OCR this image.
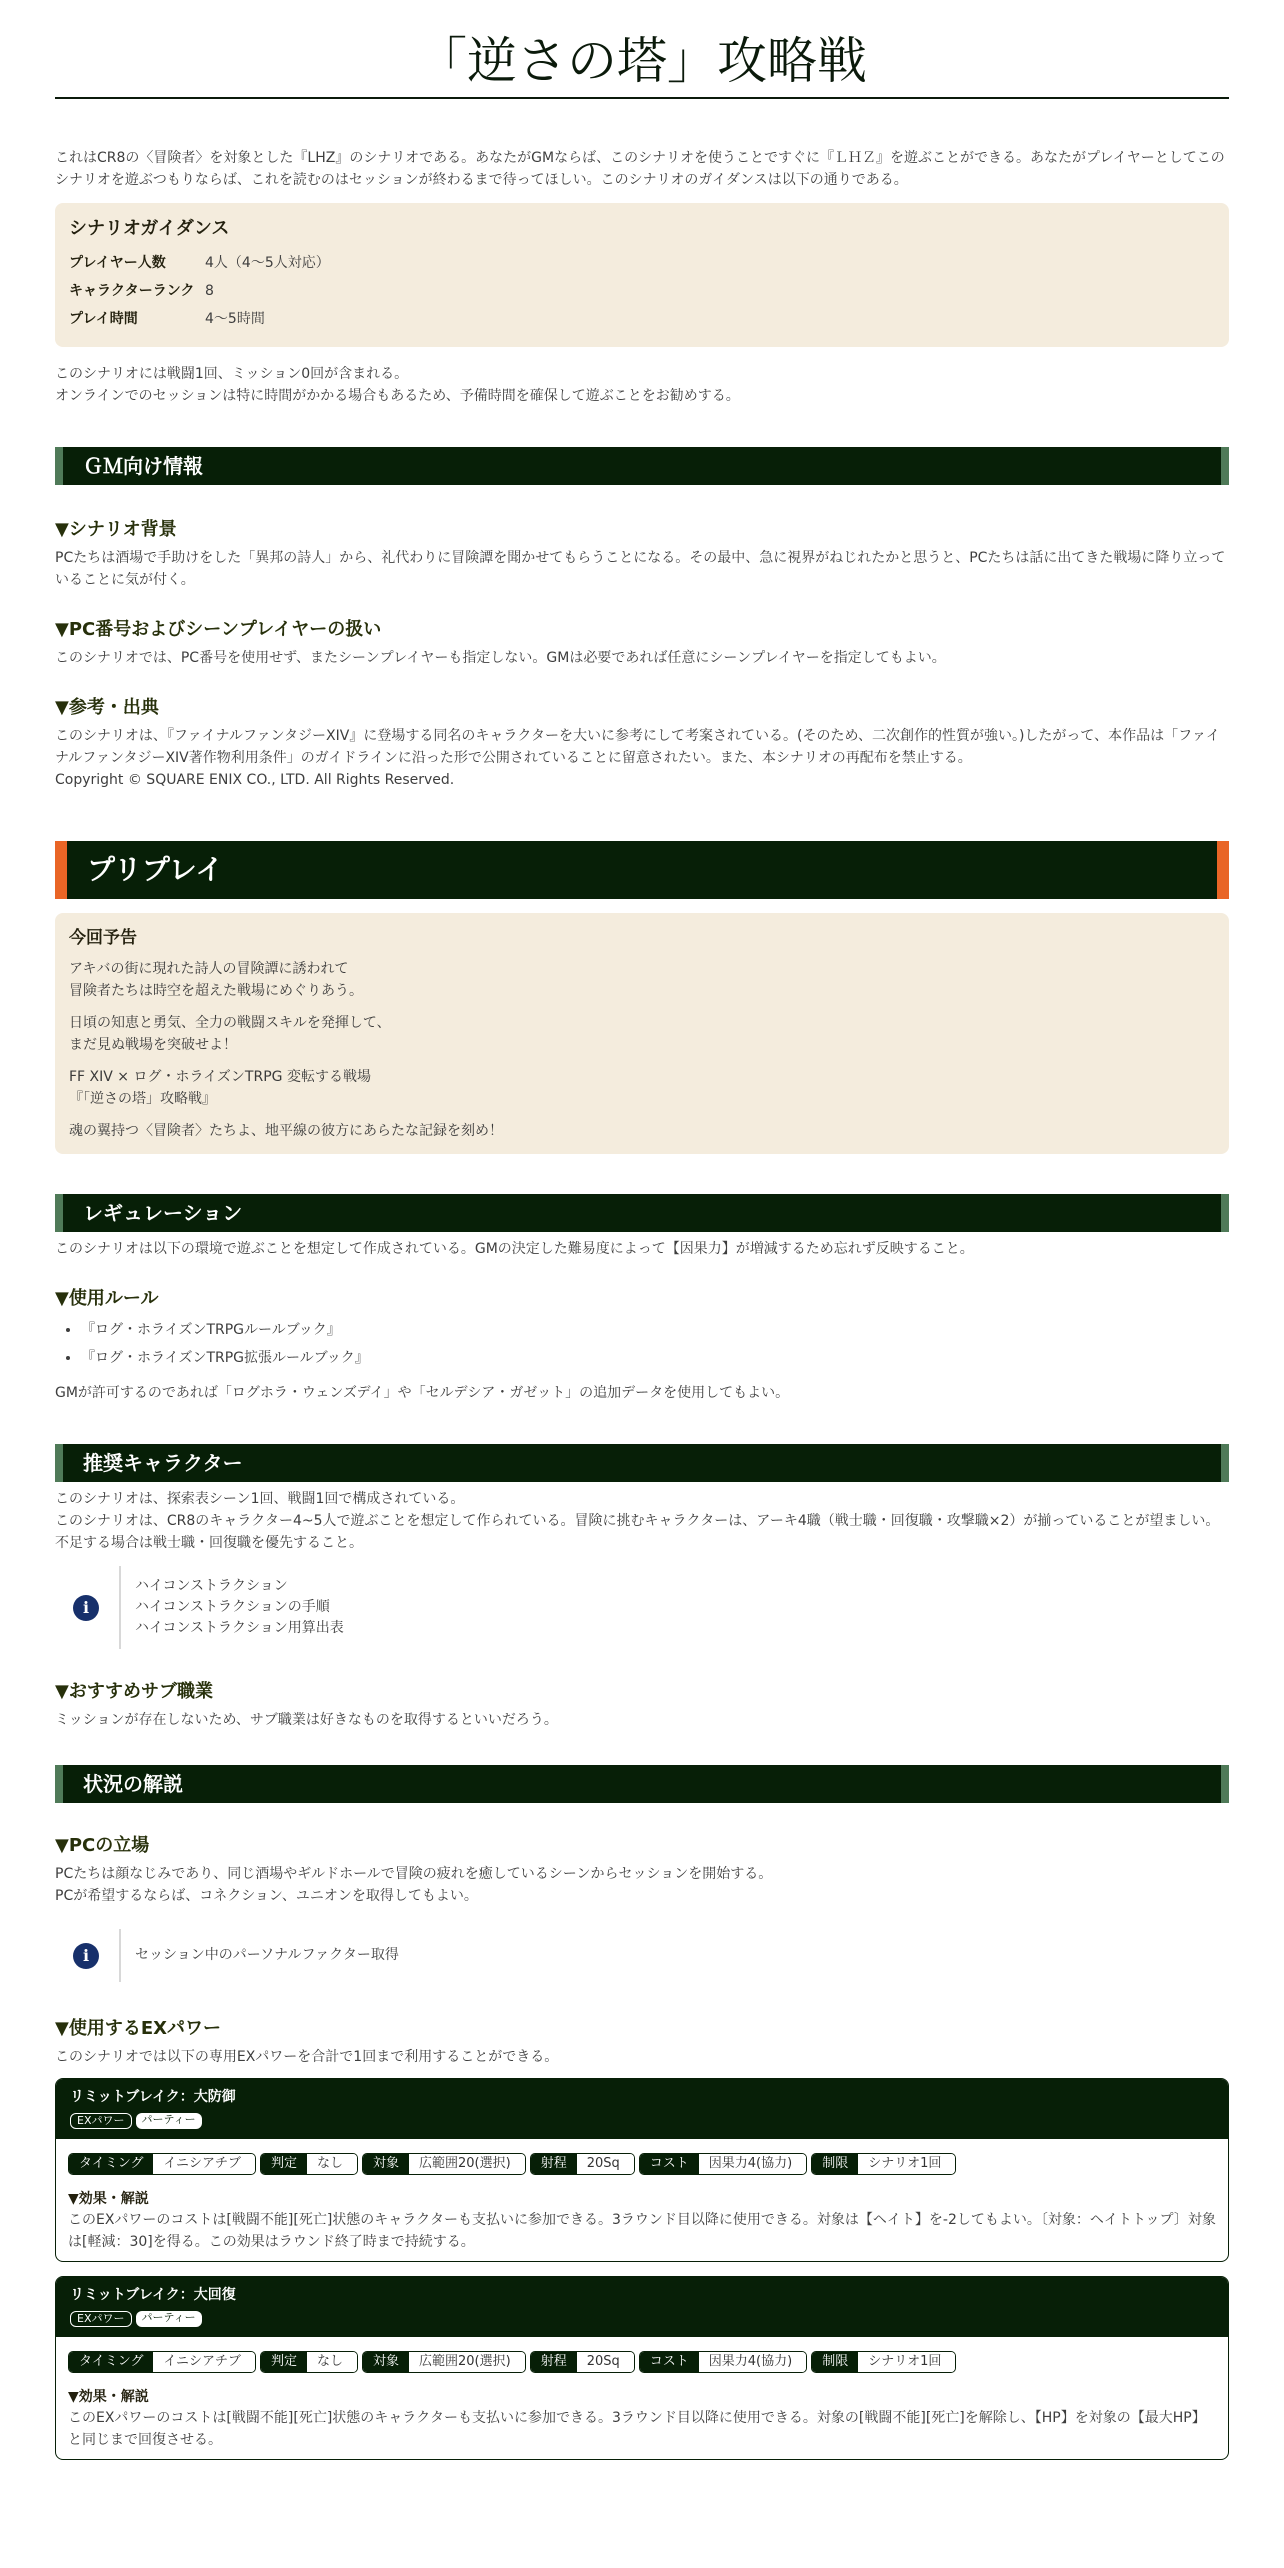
「逆さの塔」攻略戦

これはCR8の〈冒険者〉を対象とした『LHZ』のシナリオである。あなたがGMならば、このシナリオを使うことですぐに『ＬＨＺ』を遊ぶことができる。あなたがプレイヤーとしてこのシナリオを遊ぶつもりならば、これを読むのはセッションが終わるまで待ってほしい。このシナリオのガイダンスは以下の通りである。

シナリオガイダンス
プレイヤー人数	4人（4～5人対応）
キャラクターランク 8
プレイ時間	4～5時間

このシナリオには戦闘1回、ミッション0回が含まれる。

オンラインでのセッションは特に時間がかかる場合もあるため、予備時間を確保して遊ぶことをお勧めする。

ＧＭ向け情報
▼シナリオ背景

PCたちは酒場で手助けをした「異邦の詩人」から、礼代わりに冒険譚を聞かせてもらうことになる。その最中、急に視界がねじれたかと思うと、PCたちは話に出てきた戦場に降り立っていることに気が付く。

▼PC番号およびシーンプレイヤーの扱い

このシナリオでは、PC番号を使用せず、またシーンプレイヤーも指定しない。GMは必要であれば任意にシーンプレイヤーを指定してもよい。

▼参考・出典

このシナリオは、『ファイナルファンタジーXIV』に登場する同名のキャラクターを大いに参考にして考案されている。(そのため、二次創作的性質が強い。)したがって、本作品は「ファイナルファンタジーXIV著作物利用条件」のガイドラインに沿った形で公開されていることに留意されたい。また、本シナリオの再配布を禁止する。

Copyright © SQUARE ENIX CO., LTD. All Rights Reserved.

プリプレイ
今回予告

アキバの街に現れた詩人の冒険譚に誘われて
冒険者たちは時空を超えた戦場にめぐりあう。

日頃の知恵と勇気、全力の戦闘スキルを発揮して、
まだ見ぬ戦場を突破せよ！

FF XIV × ログ・ホライズンTRPG 変転する戦場
『「逆さの塔」攻略戦』

魂の翼持つ〈冒険者〉たちよ、地平線の彼方にあらたな記録を刻め！

レギュレーション

このシナリオは以下の環境で遊ぶことを想定して作成されている。GMの決定した難易度によって【因果力】が増減するため忘れず反映すること。

▼使用ルール
• 『ログ・ホライズンTRPGルールブック』
• 『ログ・ホライズンTRPG拡張ルールブック』

GMが許可するのであれば「ログホラ・ウェンズデイ」や「セルデシア・ガゼット」の追加データを使用してもよい。

推奨キャラクター

このシナリオは、探索表シーン1回、戦闘1回で構成されている。

このシナリオは、CR8のキャラクター4~5人で遊ぶことを想定して作られている。冒険に挑むキャラクターは、アーキ4職（戦士職・回復職・攻撃職×2）が揃っていることが望ましい。不足する場合は戦士職・回復職を優先すること。

i
ハイコンストラクション
ハイコンストラクションの手順
ハイコンストラクション用算出表
▼おすすめサブ職業

ミッションが存在しないため、サブ職業は好きなものを取得するといいだろう。

状況の解説
▼PCの立場

PCたちは顔なじみであり、同じ酒場やギルドホールで冒険の疲れを癒しているシーンからセッションを開始する。

PCが希望するならば、コネクション、ユニオンを取得してもよい。

i	セッション中のパーソナルファクター取得
▼使用するEXパワー

このシナリオでは以下の専用EXパワーを合計で1回まで利用することができる。

リミットブレイク：大防御
EXパワー	パーティー
タイミング	イニシアチブ	判定	なし	対象	広範囲20(選択)	射程	20Sq	コスト	因果力4(協力)	制限	シナリオ1回
▼効果・解説
このEXパワーのコストは[戦闘不能][死亡]状態のキャラクターも支払いに参加できる。3ラウンド目以降に使用できる。対象は【ヘイト】を-2してもよい。〔対象：ヘイトトップ〕対象は[軽減：30]を得る。この効果はラウンド終了時まで持続する。
リミットブレイク：大回復
EXパワー	パーティー
タイミング	イニシアチブ	判定	なし	対象	広範囲20(選択)	射程	20Sq	コスト	因果力4(協力)	制限	シナリオ1回
▼効果・解説
このEXパワーのコストは[戦闘不能][死亡]状態のキャラクターも支払いに参加できる。3ラウンド目以降に使用できる。対象の[戦闘不能][死亡]を解除し、【HP】を対象の【最大HP】と同じまで回復させる。
